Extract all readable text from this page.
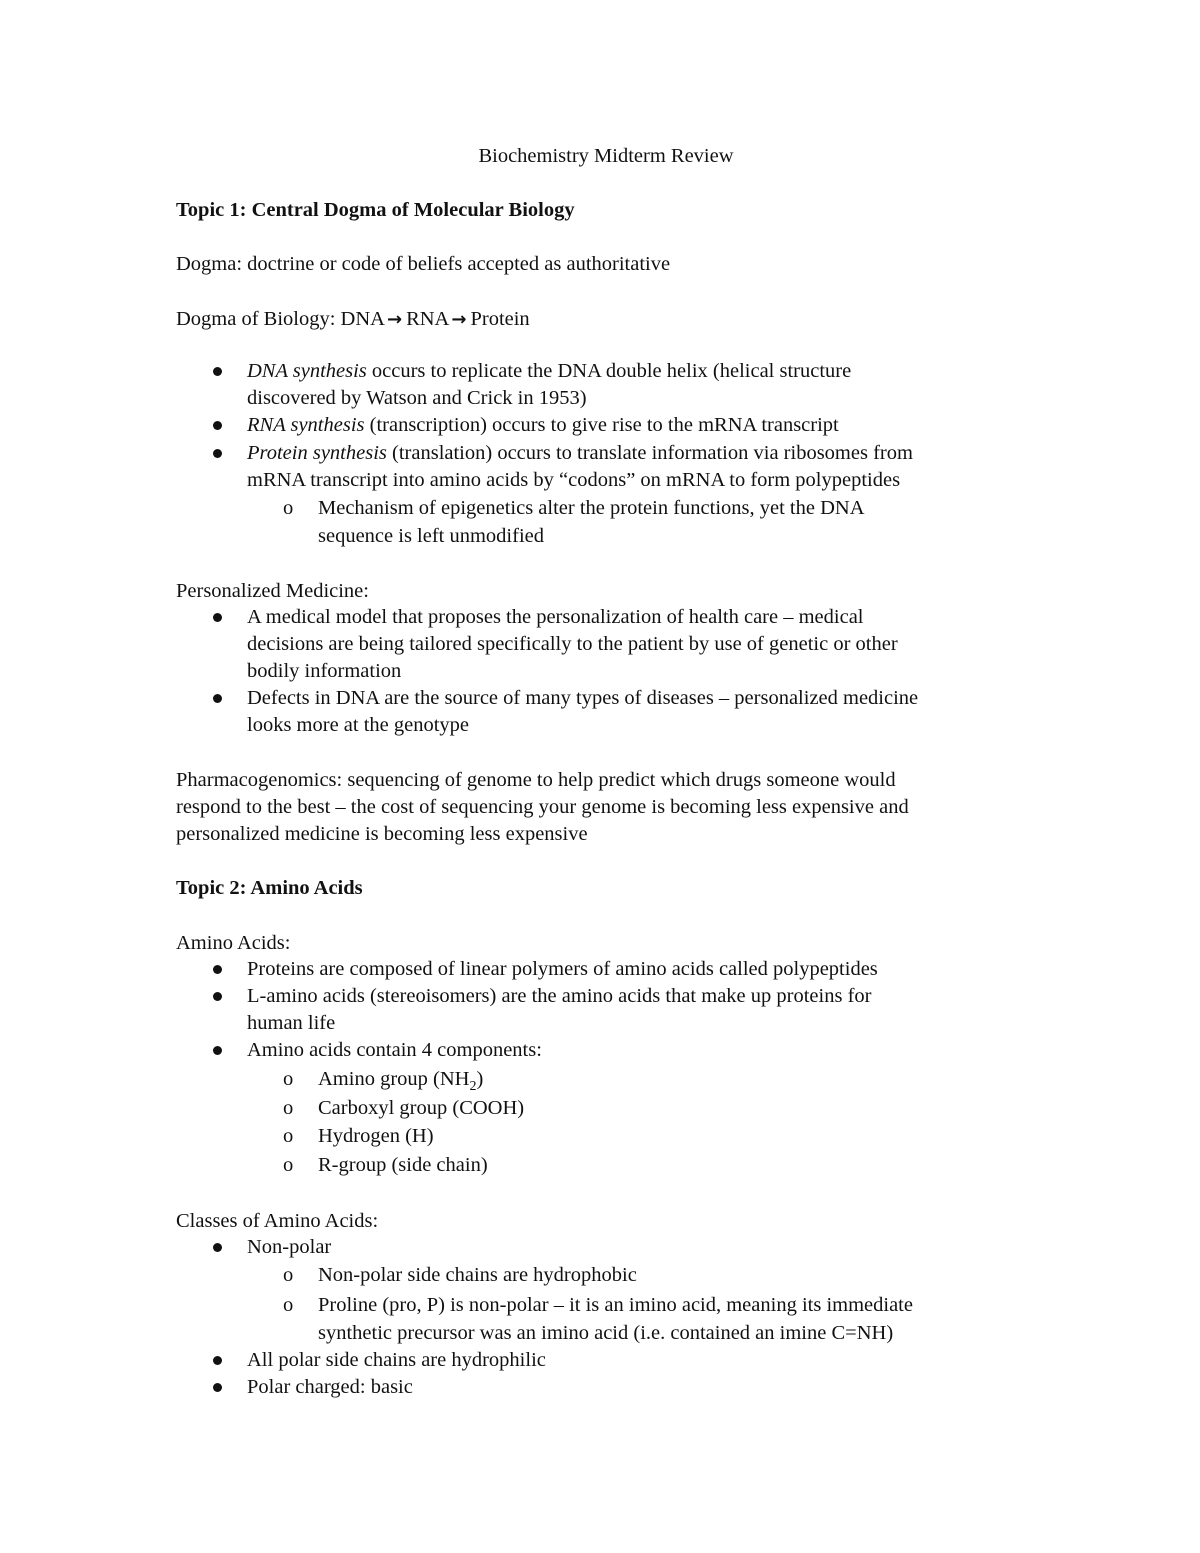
Biochemistry Midterm Review
Topic 1: Central Dogma of Molecular Biology
Dogma: doctrine or code of beliefs accepted as authoritative
Dogma of Biology: DNA → RNA → Protein
DNA synthesis occurs to replicate the DNA double helix (helical structure
discovered by Watson and Crick in 1953)
RNA synthesis (transcription) occurs to give rise to the mRNA transcript
Protein synthesis (translation) occurs to translate information via ribosomes from
mRNA transcript into amino acids by “codons” on mRNA to form polypeptides
o Mechanism of epigenetics alter the protein functions, yet the DNA
sequence is left unmodified
Personalized Medicine:
A medical model that proposes the personalization of health care – medical
decisions are being tailored specifically to the patient by use of genetic or other
bodily information
Defects in DNA are the source of many types of diseases – personalized medicine
looks more at the genotype
Pharmacogenomics: sequencing of genome to help predict which drugs someone would
respond to the best – the cost of sequencing your genome is becoming less expensive and
personalized medicine is becoming less expensive
Topic 2: Amino Acids
Amino Acids:
Proteins are composed of linear polymers of amino acids called polypeptides
L-amino acids (stereoisomers) are the amino acids that make up proteins for
human life
Amino acids contain 4 components:
o Amino group $(NH_2)$
o Carboxyl group (COOH)
o Hydrogen (H)
o R-group (side chain)
Classes of Amino Acids:
Non-polar
o Non-polar side chains are hydrophobic
o Proline (pro, P) is non-polar – it is an imino acid, meaning its immediate
synthetic precursor was an imino acid (i.e. contained an imine C=NH)
All polar side chains are hydrophilic
Polar charged: basic
